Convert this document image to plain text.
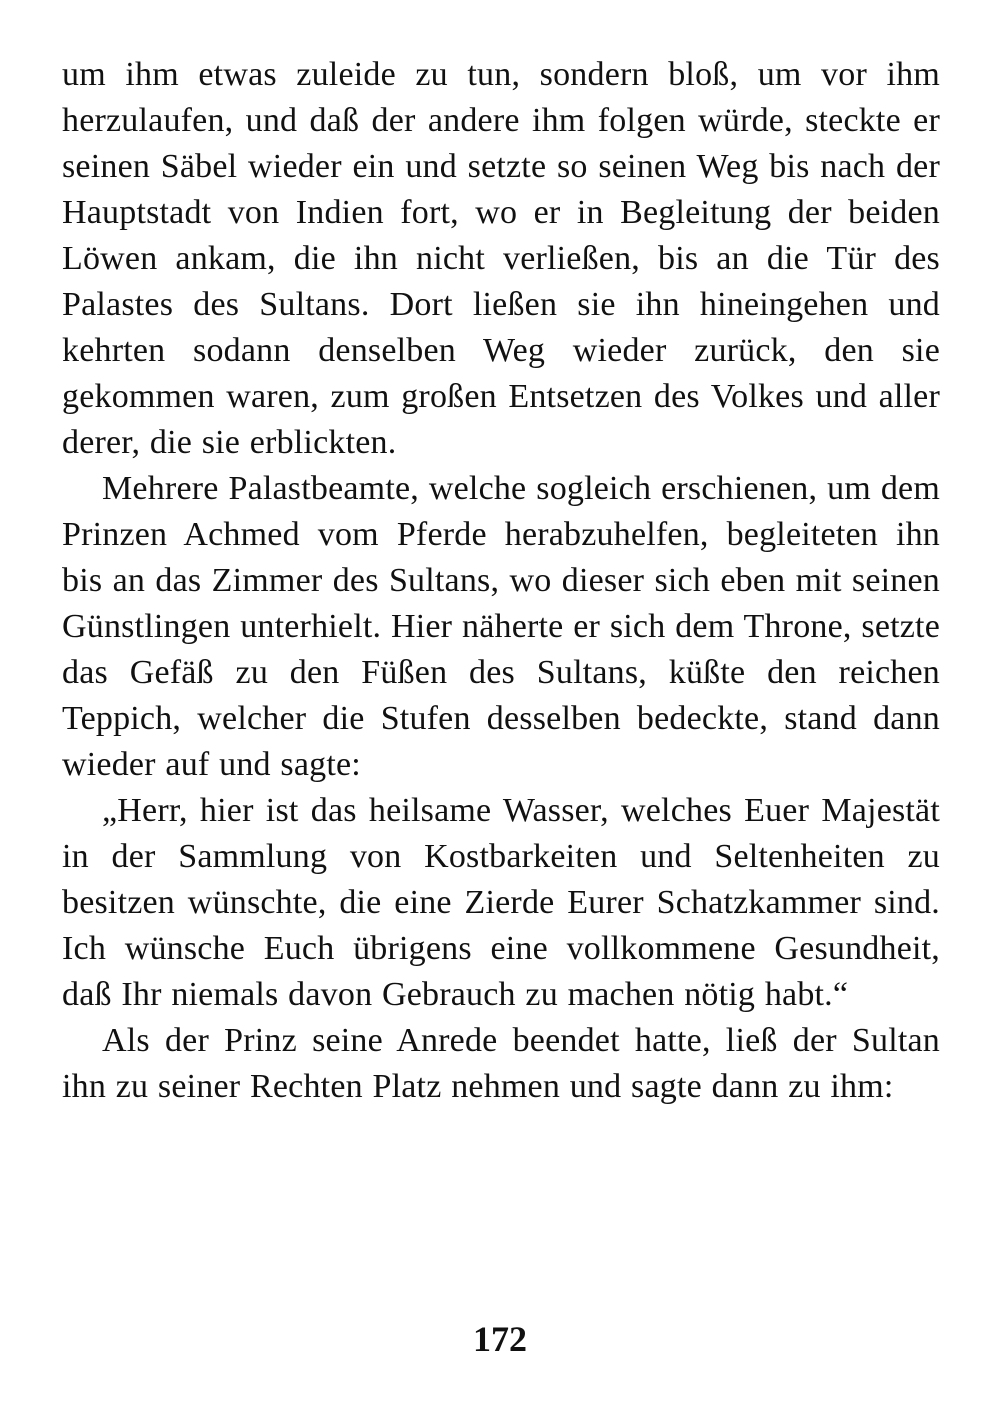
um ihm etwas zuleide zu tun, sondern bloß, um vor ihm herzulaufen, und daß der andere ihm folgen würde, steckte er seinen Säbel wieder ein und setzte so seinen Weg bis nach der Hauptstadt von Indien fort, wo er in Begleitung der beiden Löwen ankam, die ihn nicht verließen, bis an die Tür des Palastes des Sultans. Dort ließen sie ihn hineingehen und kehrten sodann denselben Weg wieder zurück, den sie gekommen waren, zum großen Entsetzen des Volkes und aller derer, die sie erblickten.

Mehrere Palastbeamte, welche sogleich erschienen, um dem Prinzen Achmed vom Pferde herabzuhelfen, begleiteten ihn bis an das Zimmer des Sultans, wo dieser sich eben mit seinen Günstlingen unterhielt. Hier näherte er sich dem Throne, setzte das Gefäß zu den Füßen des Sultans, küßte den reichen Teppich, welcher die Stufen desselben bedeckte, stand dann wieder auf und sagte:

„Herr, hier ist das heilsame Wasser, welches Euer Majestät in der Sammlung von Kostbarkeiten und Seltenheiten zu besitzen wünschte, die eine Zierde Eurer Schatzkammer sind. Ich wünsche Euch übrigens eine vollkommene Gesundheit, daß Ihr niemals davon Gebrauch zu machen nötig habt.“

Als der Prinz seine Anrede beendet hatte, ließ der Sultan ihn zu seiner Rechten Platz nehmen und sagte dann zu ihm:

172
